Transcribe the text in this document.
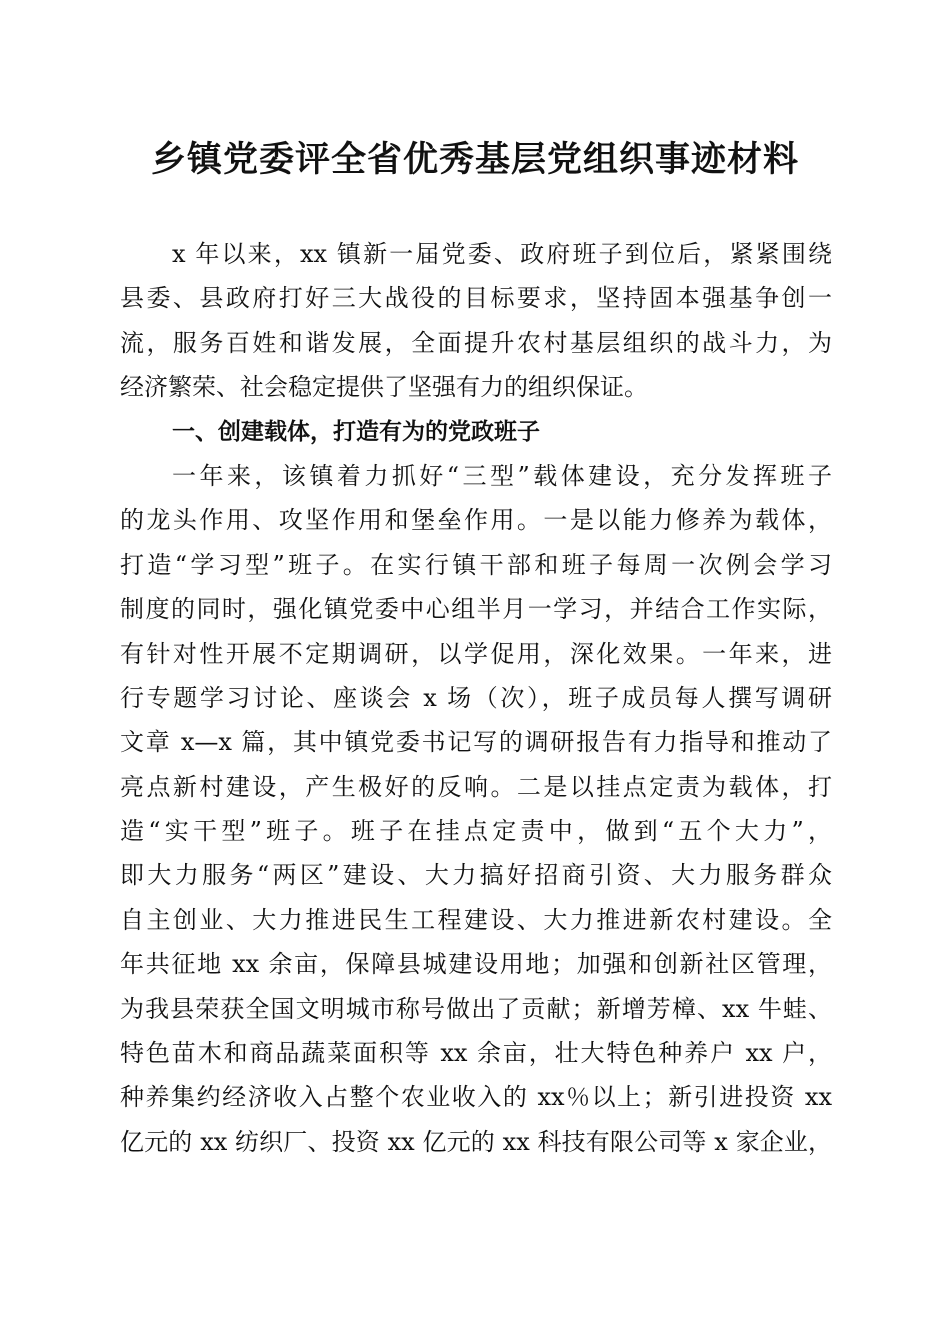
乡镇党委评全省优秀基层党组织事迹材料
x 年以来，xx 镇新一届党委、政府班子到位后，紧紧围绕
县委、县政府打好三大战役的目标要求，坚持固本强基争创一
流，服务百姓和谐发展，全面提升农村基层组织的战斗力，为
经济繁荣、社会稳定提供了坚强有力的组织保证。
一、创建载体，打造有为的党政班子
一年来，该镇着力抓好“三型”载体建设，充分发挥班子
的龙头作用、攻坚作用和堡垒作用。一是以能力修养为载体，
打造“学习型”班子。在实行镇干部和班子每周一次例会学习
制度的同时，强化镇党委中心组半月一学习，并结合工作实际，
有针对性开展不定期调研，以学促用，深化效果。一年来，进
行专题学习讨论、座谈会 x 场（次），班子成员每人撰写调研
文章 x—x 篇，其中镇党委书记写的调研报告有力指导和推动了
亮点新村建设，产生极好的反响。二是以挂点定责为载体，打
造“实干型”班子。班子在挂点定责中，做到“五个大力”，
即大力服务“两区”建设、大力搞好招商引资、大力服务群众
自主创业、大力推进民生工程建设、大力推进新农村建设。全
年共征地 xx 余亩，保障县城建设用地；加强和创新社区管理，
为我县荣获全国文明城市称号做出了贡献；新增芳樟、xx 牛蛙、
特色苗木和商品蔬菜面积等 xx 余亩，壮大特色种养户 xx 户，
种养集约经济收入占整个农业收入的 xx％以上；新引进投资 xx
亿元的 xx 纺织厂、投资 xx 亿元的 xx 科技有限公司等 x 家企业，
